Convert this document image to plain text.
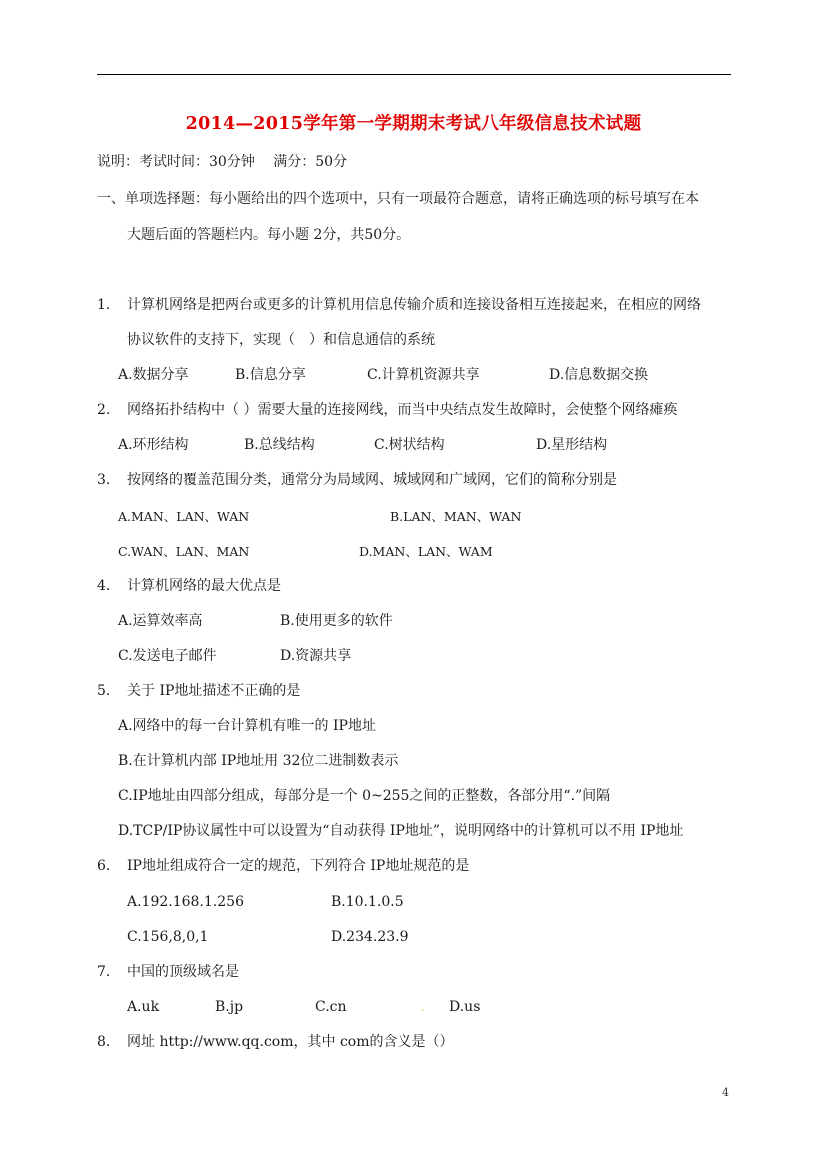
2014—2015学年第一学期期末考试八年级信息技术试题
说明：考试时间：30分钟　 满分：50分
一、单项选择题：每小题给出的四个选项中，只有一项最符合题意，请将正确选项的标号填写在本
大题后面的答题栏内。每小题 2分，共50分。
1. 计算机网络是把两台或更多的计算机用信息传输介质和连接设备相互连接起来，在相应的网络
协议软件的支持下，实现（　）和信息通信的系统
A.数据分享	B.信息分享	C.计算机资源共享	D.信息数据交换
2. 网络拓扑结构中（ ）需要大量的连接网线，而当中央结点发生故障时，会使整个网络瘫痪
A.环形结构	B.总线结构	C.树状结构	D.星形结构
3. 按网络的覆盖范围分类，通常分为局域网、城域网和广域网，它们的简称分别是
A.MAN、LAN、WAN	B.LAN、MAN、WAN
C.WAN、LAN、MAN	D.MAN、LAN、WAM
4. 计算机网络的最大优点是
A.运算效率高	B.使用更多的软件
C.发送电子邮件	D.资源共享
5. 关于 IP地址描述不正确的是
A.网络中的每一台计算机有唯一的 IP地址
B.在计算机内部 IP地址用 32位二进制数表示
C.IP地址由四部分组成，每部分是一个 0~255之间的正整数，各部分用“.”间隔
D.TCP/IP协议属性中可以设置为“自动获得 IP地址”，说明网络中的计算机可以不用 IP地址
6. IP地址组成符合一定的规范，下列符合 IP地址规范的是
A.192.168.1.256	B.10.1.0.5
C.156,8,0,1	D.234.23.9
7. 中国的顶级域名是
A.uk	B.jp	C.cn	. D.us
8. 网址 http://www.qq.com，其中 com的含义是（）
4
